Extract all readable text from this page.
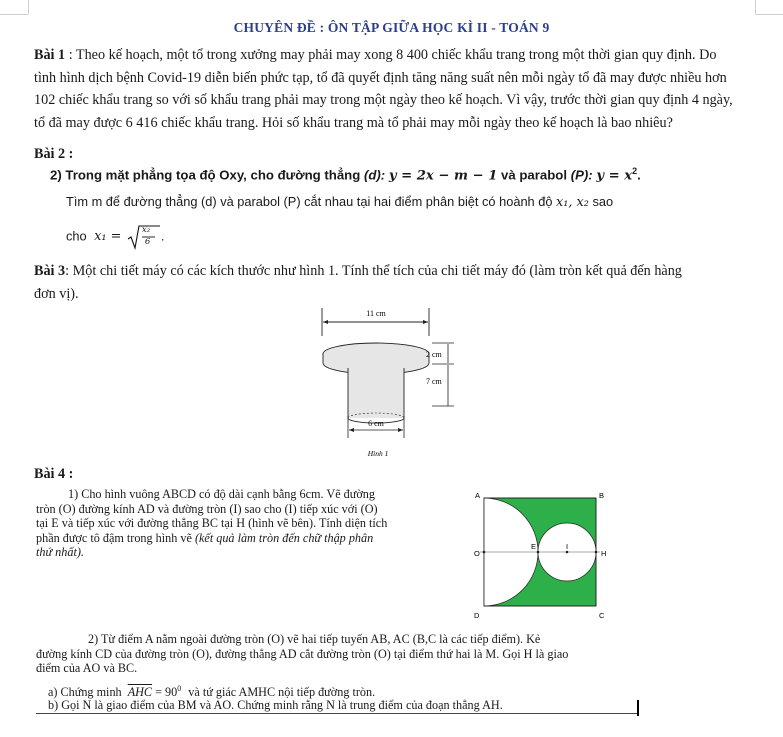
CHUYÊN ĐỀ : ÔN TẬP GIỮA HỌC KÌ II - TOÁN 9
Bài 1 : Theo kế hoạch, một tổ trong xưởng may phải may xong 8 400 chiếc khẩu trang trong một thời gian quy định. Do
tình hình dịch bệnh Covid-19 diễn biến phức tạp, tổ đã quyết định tăng năng suất nên mỗi ngày tổ đã may được nhiều hơn
102 chiếc khẩu trang so với số khẩu trang phải may trong một ngày theo kế hoạch. Vì vậy, trước thời gian quy định 4 ngày,
tổ đã may được 6 416 chiếc khẩu trang. Hỏi số khẩu trang mà tổ phải may mỗi ngày theo kế hoạch là bao nhiêu?
Bài 2 :
2) Trong mặt phẳng tọa độ Oxy, cho đường thẳng (d): y = 2x − m − 1 và parabol (P): $y = x^2$.
Tìm m để đường thẳng (d) và parabol (P) cắt nhau tại hai điểm phân biệt có hoành độ x₁, x₂ sao
cho x₁ = x₂
6 .
Bài 3: Một chi tiết máy có các kích thước như hình 1. Tính thể tích của chi tiết máy đó (làm tròn kết quả đến hàng
đơn vị).
11 cm
2 cm
7 cm
6 cm
Hình 1
Bài 4 :
1) Cho hình vuông ABCD có độ dài cạnh bằng 6cm. Vẽ đường
tròn (O) đường kính AD và đường tròn (I) sao cho (I) tiếp xúc với (O)
tại E và tiếp xúc với đường thẳng BC tại H (hình vẽ bên). Tính diện tích
phần được tô đậm trong hình vẽ (kết quả làm tròn đến chữ thập phân
thứ nhất).
A	B
C
D
O
E	I
H
2) Từ điểm A nằm ngoài đường tròn (O) vẽ hai tiếp tuyến AB, AC (B,C là các tiếp điểm). Kẻ
đường kính CD của đường tròn (O), đường thẳng AD cắt đường tròn (O) tại điểm thứ hai là M. Gọi H là giao
điểm của AO và BC.
a) Chứng minh $\overline{AHC} = 90^0$ và tứ giác AMHC nội tiếp đường tròn.
b) Gọi N là giao điểm của BM và AO. Chứng minh rằng N là trung điểm của đoạn thẳng AH.
